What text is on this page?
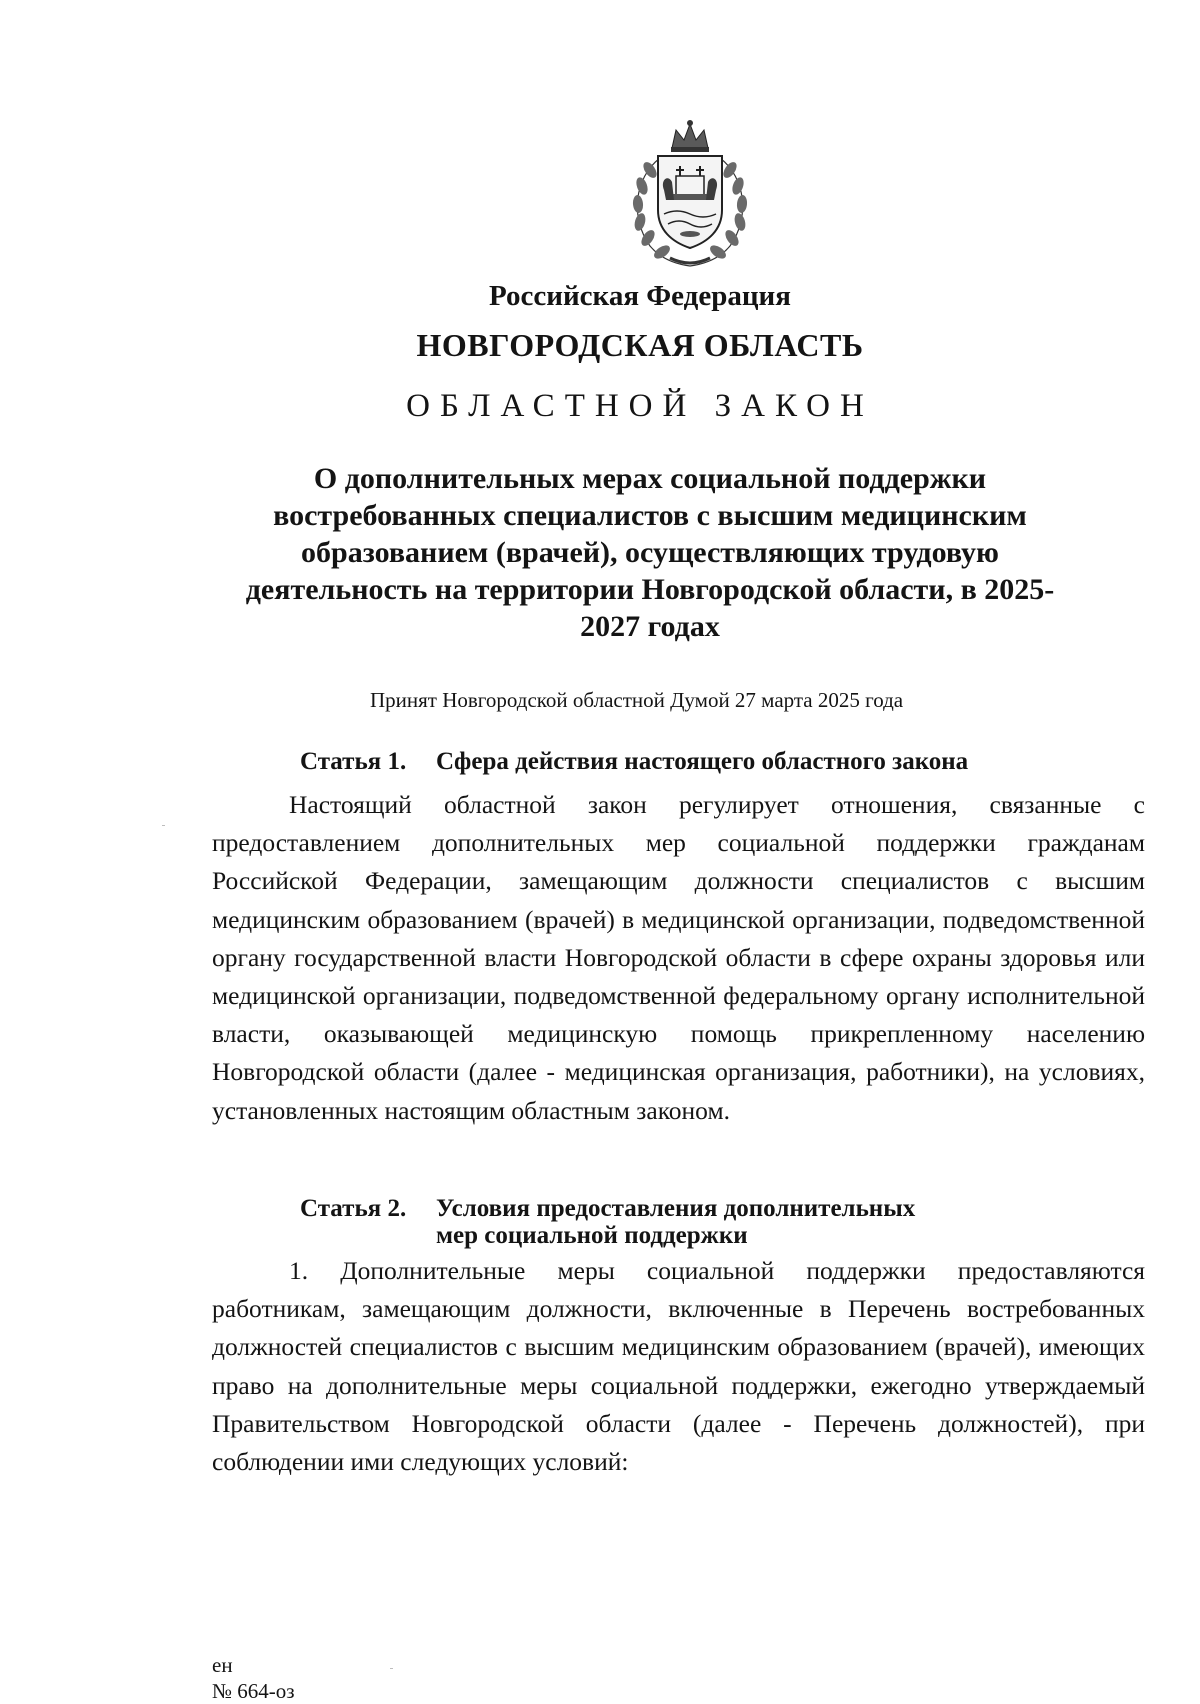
Российская Федерация
НОВГОРОДСКАЯ ОБЛАСТЬ
ОБЛАСТНОЙ ЗАКОН
О дополнительных мерах социальной поддержки востребованных специалистов с высшим медицинским образованием (врачей), осуществляющих трудовую деятельность на территории Новгородской области, в 2025-2027 годах
Принят Новгородской областной Думой 27 марта 2025 года
Статья 1. Сфера действия настоящего областного закона

Настоящий областной закон регулирует отношения, связанные с предоставлением дополнительных мер социальной поддержки гражданам Российской Федерации, замещающим должности специалистов с высшим медицинским образованием (врачей) в медицинской организации, подведомственной органу государственной власти Новгородской области в сфере охраны здоровья или медицинской организации, подведомственной федеральному органу исполнительной власти, оказывающей медицинскую помощь прикрепленному населению Новгородской области (далее - медицинская организация, работники), на условиях, установленных настоящим областным законом.

Статья 2. Условия предоставления дополнительных
мер социальной поддержки

1. Дополнительные меры социальной поддержки предоставляются работникам, замещающим должности, включенные в Перечень востребованных должностей специалистов с высшим медицинским образованием (врачей), имеющих право на дополнительные меры социальной поддержки, ежегодно утверждаемый Правительством Новгородской области (далее - Перечень должностей), при соблюдении ими следующих условий:

ен
№ 664-оз
